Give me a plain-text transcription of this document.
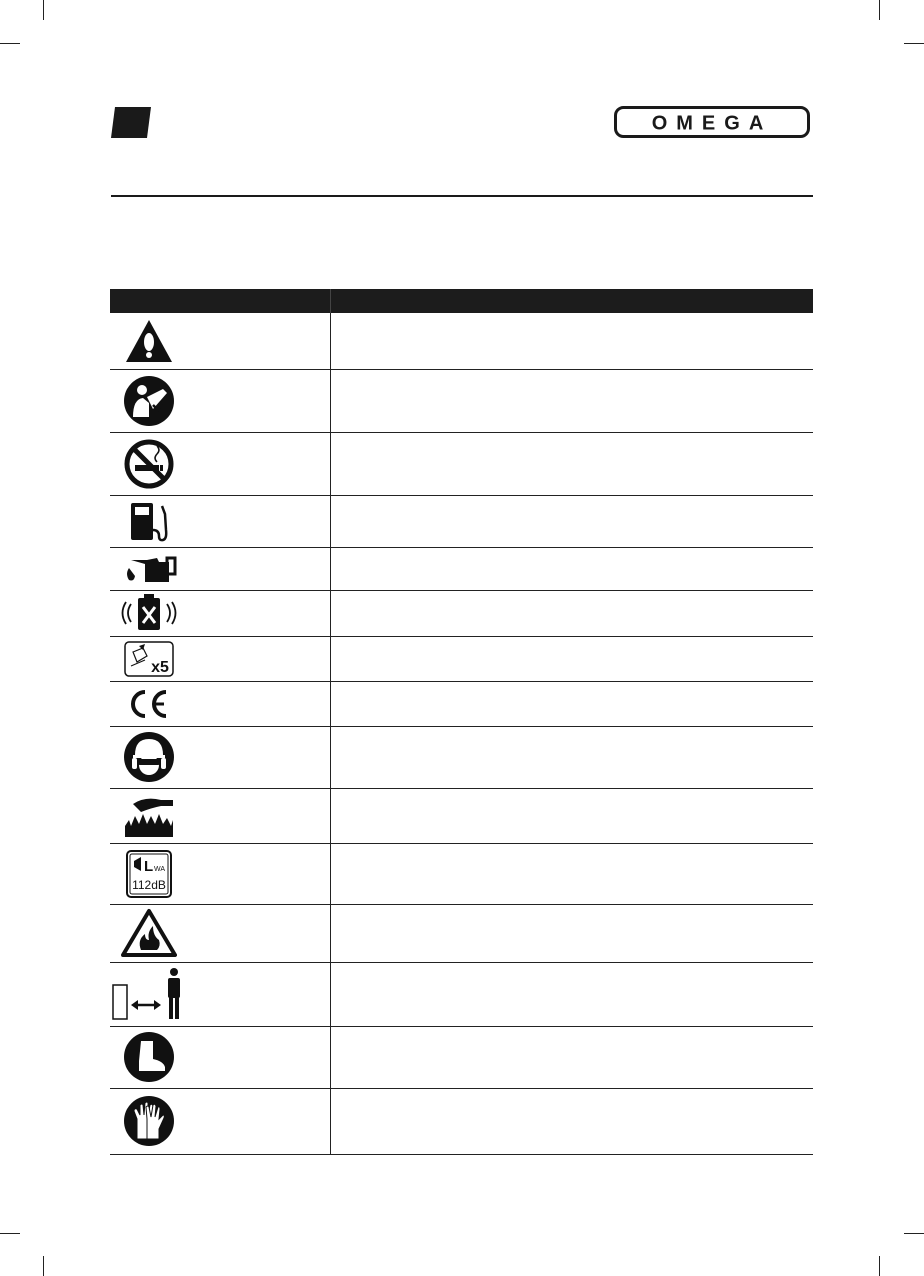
OMEGA

x5		

L WA
112dB		
